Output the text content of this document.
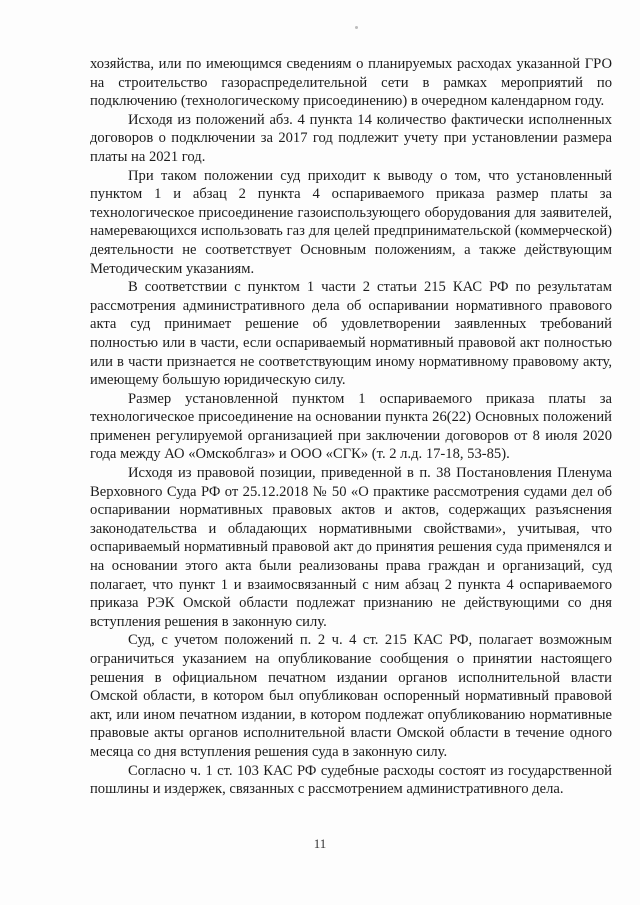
хозяйства, или по имеющимся сведениям о планируемых расходах указанной ГРО на строительство газораспределительной сети в рамках мероприятий по подключению (технологическому присоединению) в очередном календарном году.

Исходя из положений абз. 4 пункта 14 количество фактически исполненных договоров о подключении за 2017 год подлежит учету при установлении размера платы на 2021 год.

При таком положении суд приходит к выводу о том, что установленный пунктом 1 и абзац 2 пункта 4 оспариваемого приказа размер платы за технологическое присоединение газоиспользующего оборудования для заявителей, намеревающихся использовать газ для целей предпринимательской (коммерческой) деятельности не соответствует Основным положениям, а также действующим Методическим указаниям.

В соответствии с пунктом 1 части 2 статьи 215 КАС РФ по результатам рассмотрения административного дела об оспаривании нормативного правового акта суд принимает решение об удовлетворении заявленных требований полностью или в части, если оспариваемый нормативный правовой акт полностью или в части признается не соответствующим иному нормативному правовому акту, имеющему большую юридическую силу.

Размер установленной пунктом 1 оспариваемого приказа платы за технологическое присоединение на основании пункта 26(22) Основных положений применен регулируемой организацией при заключении договоров от 8 июля 2020 года между АО «Омскоблгаз» и ООО «СГК» (т. 2 л.д. 17-18, 53-85).

Исходя из правовой позиции, приведенной в п. 38 Постановления Пленума Верховного Суда РФ от 25.12.2018 № 50 «О практике рассмотрения судами дел об оспаривании нормативных правовых актов и актов, содержащих разъяснения законодательства и обладающих нормативными свойствами», учитывая, что оспариваемый нормативный правовой акт до принятия решения суда применялся и на основании этого акта были реализованы права граждан и организаций, суд полагает, что пункт 1 и взаимосвязанный с ним абзац 2 пункта 4 оспариваемого приказа РЭК Омской области подлежат признанию не действующими со дня вступления решения в законную силу.

Суд, с учетом положений п. 2 ч. 4 ст. 215 КАС РФ, полагает возможным ограничиться указанием на опубликование сообщения о принятии настоящего решения в официальном печатном издании органов исполнительной власти Омской области, в котором был опубликован оспоренный нормативный правовой акт, или ином печатном издании, в котором подлежат опубликованию нормативные правовые акты органов исполнительной власти Омской области в течение одного месяца со дня вступления решения суда в законную силу.

Согласно ч. 1 ст. 103 КАС РФ судебные расходы состоят из государственной пошлины и издержек, связанных с рассмотрением административного дела.

11
